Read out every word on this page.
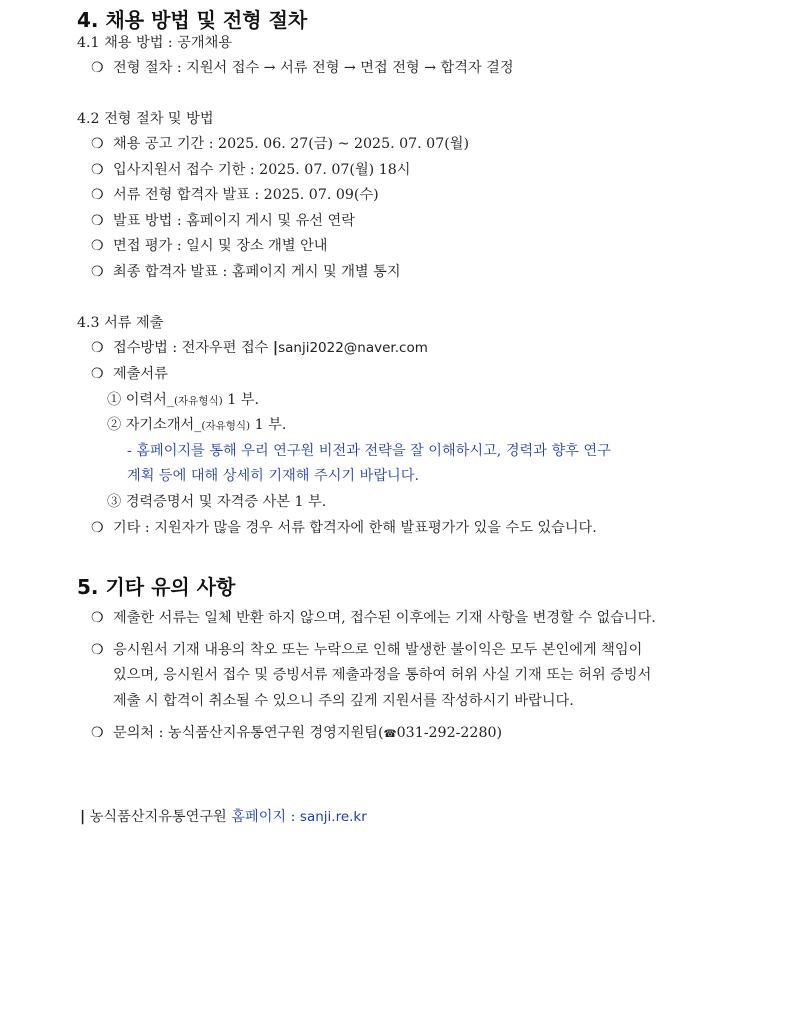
4. 채용 방법 및 전형 절차
4.1 채용 방법 : 공개채용
❍ 전형 절차 : 지원서 접수 → 서류 전형 → 면접 전형 → 합격자 결정
4.2 전형 절차 및 방법
❍ 채용 공고 기간 : 2025. 06. 27(금) ~ 2025. 07. 07(월)
❍ 입사지원서 접수 기한 : 2025. 07. 07(월) 18시
❍ 서류 전형 합격자 발표 : 2025. 07. 09(수)
❍ 발표 방법 : 홈페이지 게시 및 유선 연락
❍ 면접 평가 : 일시 및 장소 개별 안내
❍ 최종 합격자 발표 : 홈페이지 게시 및 개별 통지
4.3 서류 제출
❍ 접수방법 : 전자우편 접수 |sanji2022@naver.com
❍ 제출서류
① 이력서_(자유형식) 1 부.
② 자기소개서_(자유형식) 1 부.
- 홈페이지를 통해 우리 연구원 비전과 전략을 잘 이해하시고, 경력과 향후 연구
계획 등에 대해 상세히 기재해 주시기 바랍니다.
③ 경력증명서 및 자격증 사본 1 부.
❍ 기타 : 지원자가 많을 경우 서류 합격자에 한해 발표평가가 있을 수도 있습니다.
5. 기타 유의 사항
❍ 제출한 서류는 일체 반환 하지 않으며, 접수된 이후에는 기재 사항을 변경할 수 없습니다.
❍ 응시원서 기재 내용의 착오 또는 누락으로 인해 발생한 불이익은 모두 본인에게 책임이
있으며, 응시원서 접수 및 증빙서류 제출과정을 통하여 허위 사실 기재 또는 허위 증빙서
제출 시 합격이 취소될 수 있으니 주의 깊게 지원서를 작성하시기 바랍니다.
❍ 문의처 : 농식품산지유통연구원 경영지원팀(☎031-292-2280)
| 농식품산지유통연구원 홈페이지 : sanji.re.kr
